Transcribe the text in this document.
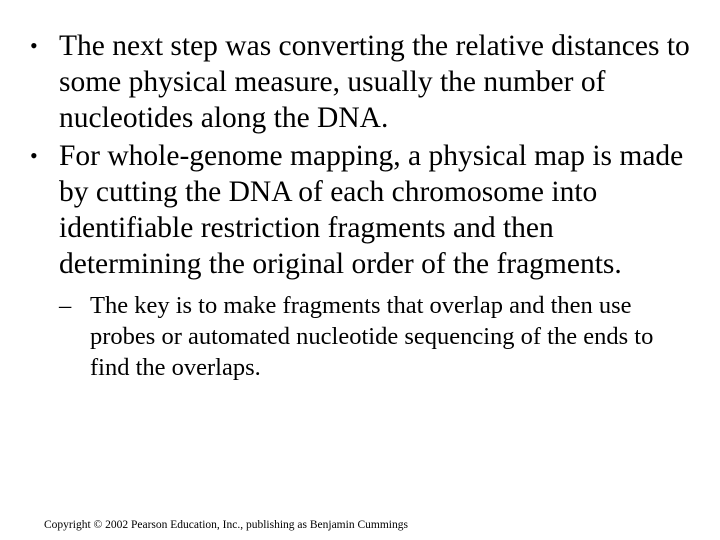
• The next step was converting the relative distances to some physical measure, usually the number of nucleotides along the DNA.
• For whole-genome mapping, a physical map is made by cutting the DNA of each chromosome into identifiable restriction fragments and then determining the original order of the fragments.
– The key is to make fragments that overlap and then use probes or automated nucleotide sequencing of the ends to find the overlaps.
Copyright © 2002 Pearson Education, Inc., publishing as Benjamin Cummings
